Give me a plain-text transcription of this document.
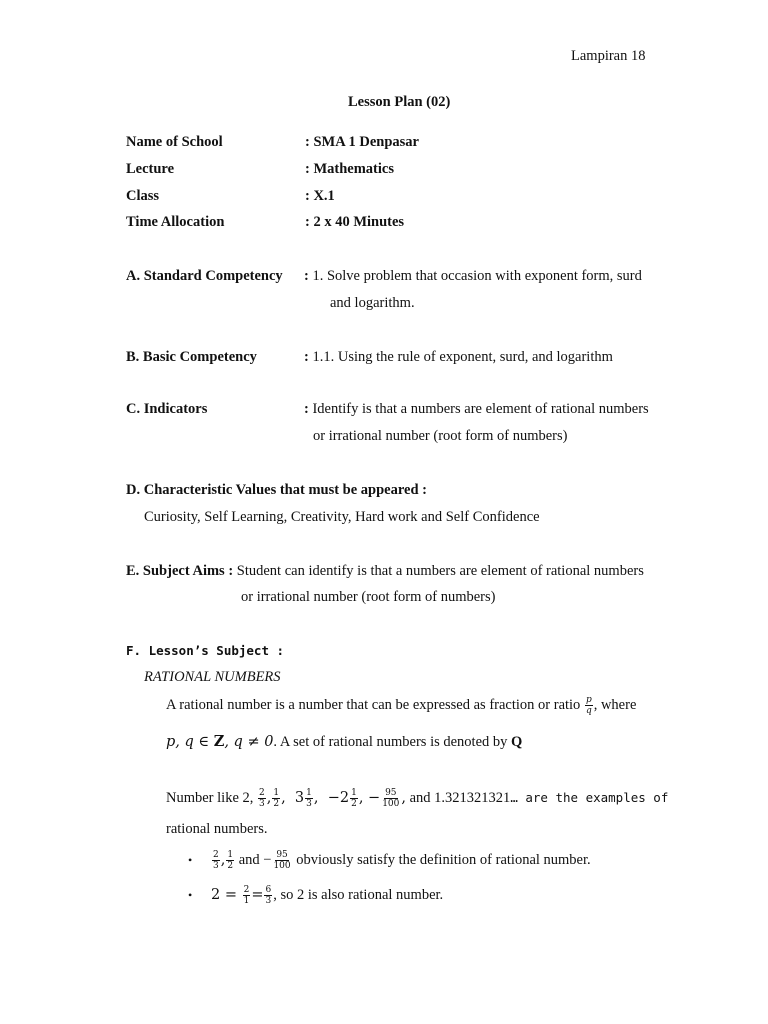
Lampiran 18
Lesson Plan (02)
Name of School	: SMA 1 Denpasar
Lecture	: Mathematics
Class	: X.1
Time Allocation	: 2 x 40 Minutes
A. Standard Competency : 1. Solve problem that occasion with exponent form, surd
and logarithm.
B. Basic Competency	: 1.1. Using the rule of exponent, surd, and logarithm
C. Indicators	: Identify is that a numbers are element of rational numbers
or irrational number (root form of numbers)
D. Characteristic Values that must be appeared :
Curiosity, Self Learning, Creativity, Hard work and Self Confidence
E. Subject Aims : Student can identify is that a numbers are element of rational numbers
or irrational number (root form of numbers)
F. Lesson’s Subject :
RATIONAL NUMBERS
A rational number is a number that can be expressed as fraction or ratio $\frac{p}{q}$ , where
p, q ∈ Z, q ≠ 0. A set of rational numbers is denoted by Q
Number like 2, $\frac{2}{3}$ , $\frac{1}{2}$ ,  $3 \frac{1}{3}$ ,  $-2 \frac{1}{2}$ , − $\frac{95}{100}$ , and 1.321321321… are the examples of
rational numbers.
• $\frac{2}{3}$ , $\frac{1}{2}$ and − $\frac{95}{100}$ obviously satisfy the definition of rational number.
• $2 = \frac{2}{1} = \frac{6}{3}$ , so 2 is also rational number.
